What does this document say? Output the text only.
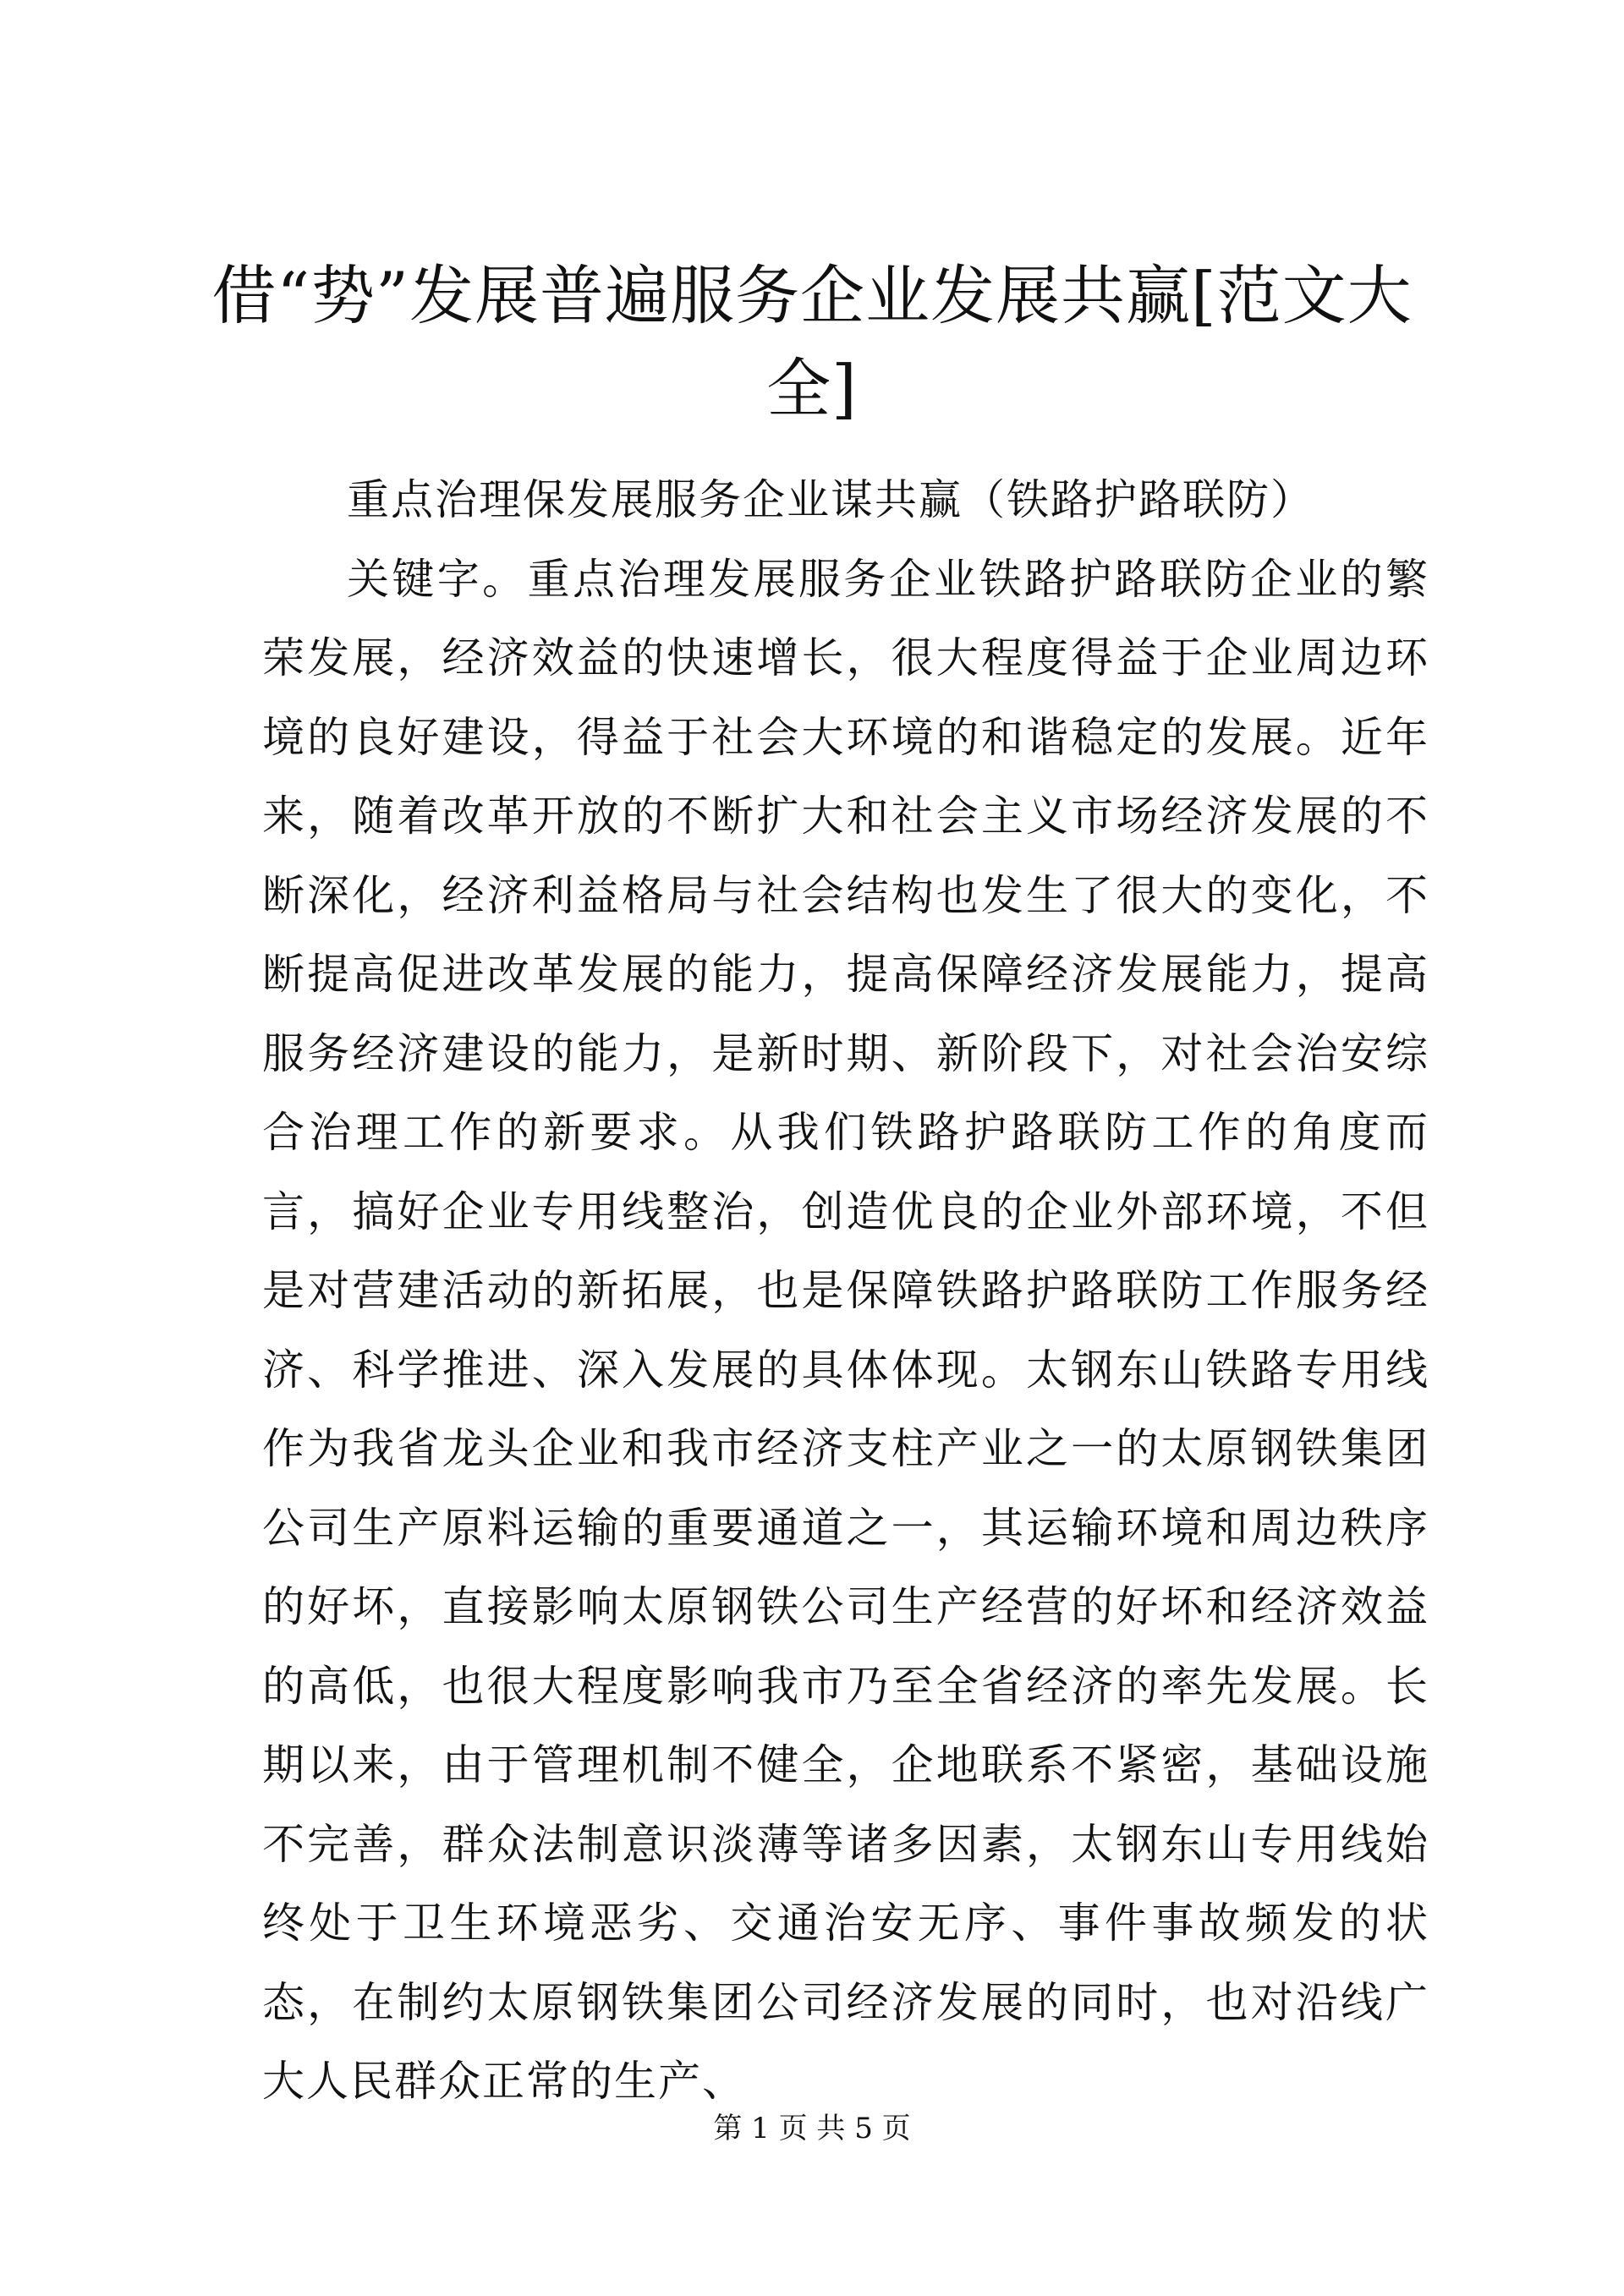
借“势”发展普遍服务企业发展共赢[范文大全]

重点治理保发展服务企业谋共赢（铁路护路联防）

关键字。重点治理发展服务企业铁路护路联防企业的繁荣发展，经济效益的快速增长，很大程度得益于企业周边环境的良好建设，得益于社会大环境的和谐稳定的发展。近年来，随着改革开放的不断扩大和社会主义市场经济发展的不断深化，经济利益格局与社会结构也发生了很大的变化，不断提高促进改革发展的能力，提高保障经济发展能力，提高服务经济建设的能力，是新时期、新阶段下，对社会治安综合治理工作的新要求。从我们铁路护路联防工作的角度而言，搞好企业专用线整治，创造优良的企业外部环境，不但是对营建活动的新拓展，也是保障铁路护路联防工作服务经济、科学推进、深入发展的具体体现。太钢东山铁路专用线作为我省龙头企业和我市经济支柱产业之一的太原钢铁集团公司生产原料运输的重要通道之一，其运输环境和周边秩序的好坏，直接影响太原钢铁公司生产经营的好坏和经济效益的高低，也很大程度影响我市乃至全省经济的率先发展。长期以来，由于管理机制不健全，企地联系不紧密，基础设施不完善，群众法制意识淡薄等诸多因素，太钢东山专用线始终处于卫生环境恶劣、交通治安无序、事件事故频发的状态，在制约太原钢铁集团公司经济发展的同时，也对沿线广大人民群众正常的生产、

第 1 页 共 5 页
